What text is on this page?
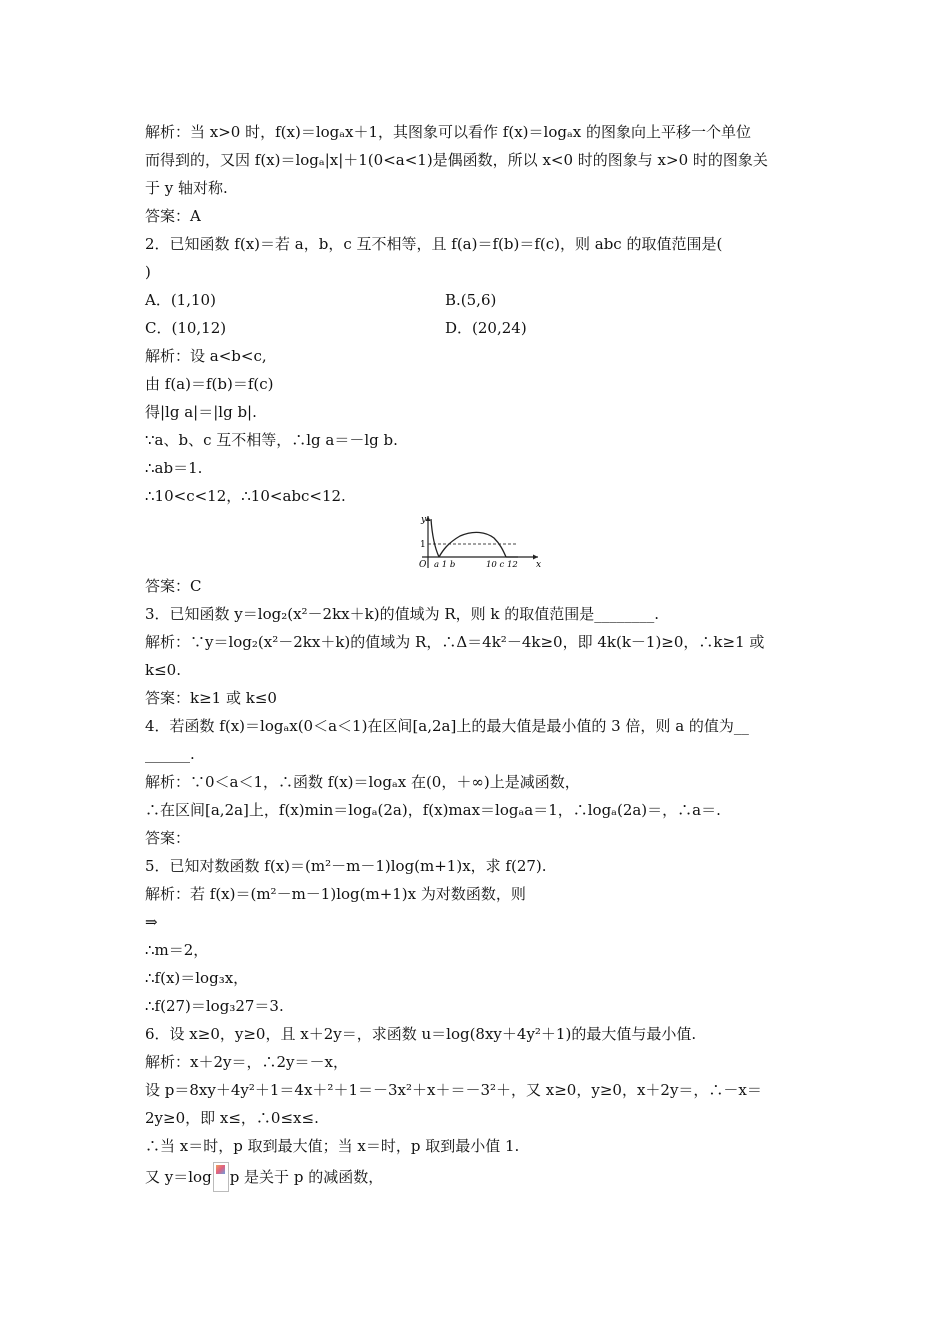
解析：当 x>0 时，f(x)＝logₐx＋1，其图象可以看作 f(x)＝logₐx 的图象向上平移一个单位
而得到的，又因 f(x)＝logₐ|x|＋1(0<a<1)是偶函数，所以 x<0 时的图象与 x>0 时的图象关
于 y 轴对称.
答案：A
2．已知函数 f(x)＝若 a，b，c 互不相等，且 f(a)＝f(b)＝f(c)，则 abc 的取值范围是(
)
A．(1,10)	B.(5,6)
C．(10,12)	D．(20,24)
解析：设 a<b<c,
由 f(a)＝f(b)＝f(c)
得|lg a|＝|lg b|.
∵a、b、c 互不相等，∴lg a＝－lg b.
∴ab＝1.
∴10<c<12，∴10<abc<12.
y
x
1
O a 1 b	10 c 12
答案：C
3．已知函数 y＝log₂(x²－2kx＋k)的值域为 R，则 k 的取值范围是________.
解析：∵y＝log₂(x²－2kx＋k)的值域为 R，∴Δ＝4k²－4k≥0，即 4k(k－1)≥0，∴k≥1 或
k≤0.
答案：k≥1 或 k≤0
4．若函数 f(x)＝logₐx(0＜a＜1)在区间[a,2a]上的最大值是最小值的 3 倍，则 a 的值为__
______.
解析：∵0＜a＜1，∴函数 f(x)＝logₐx 在(0，＋∞)上是减函数，
∴在区间[a,2a]上，f(x)min＝logₐ(2a)，f(x)max＝logₐa＝1，∴logₐ(2a)＝，∴a＝.
答案：
5．已知对数函数 f(x)＝(m²－m－1)log(m+1)x，求 f(27).
解析：若 f(x)＝(m²－m－1)log(m+1)x 为对数函数，则
⇒
∴m＝2，
∴f(x)＝log₃x，
∴f(27)＝log₃27＝3.
6．设 x≥0，y≥0，且 x＋2y＝，求函数 u＝log(8xy＋4y²＋1)的最大值与最小值.
解析：x＋2y＝，∴2y＝－x，
设 p＝8xy＋4y²＋1＝4x＋²＋1＝－3x²＋x＋＝－3²＋，又 x≥0，y≥0，x＋2y＝，∴－x＝
2y≥0，即 x≤，∴0≤x≤.
∴当 x＝时，p 取到最大值；当 x＝时，p 取到最小值 1.
又 y＝log p 是关于 p 的减函数，
